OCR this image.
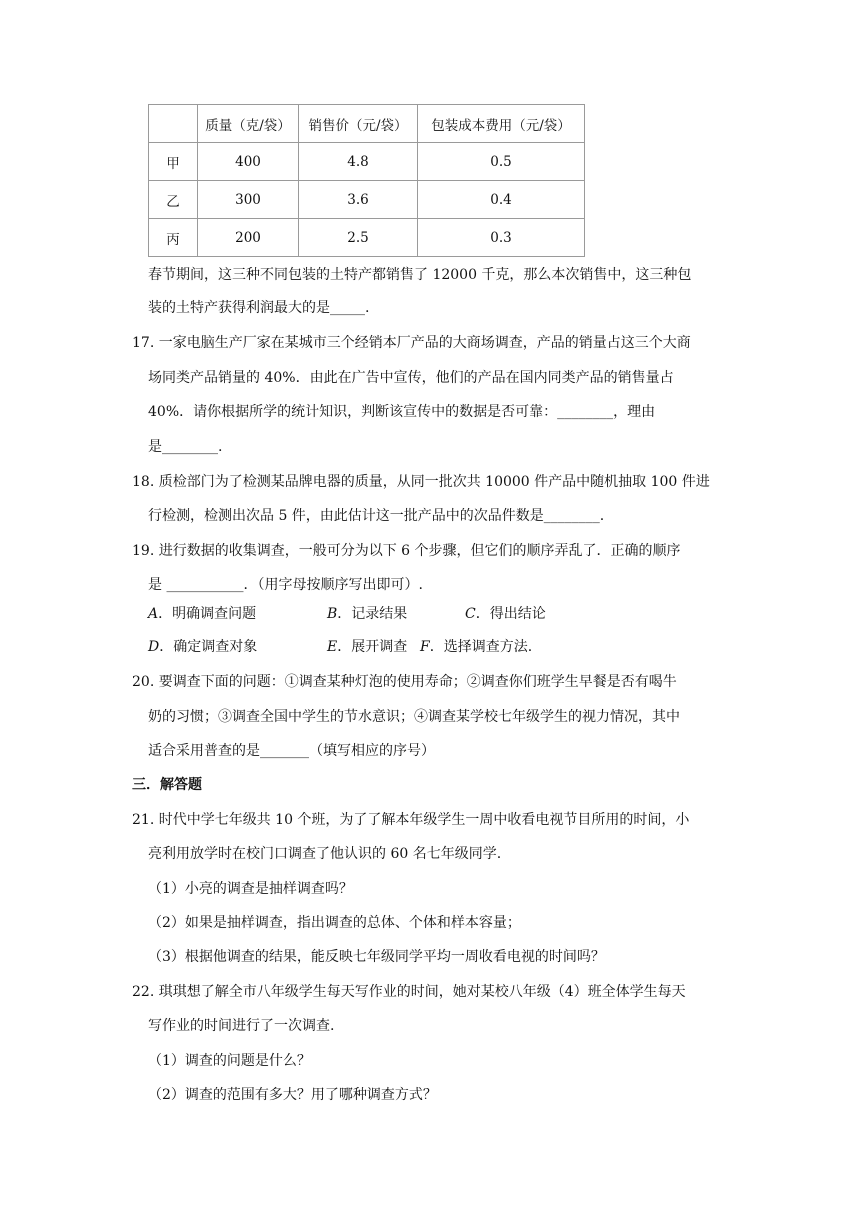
	质量（克/袋）	销售价（元/袋）	包装成本费用（元/袋）
甲	400	4.8	0.5
乙	300	3.6	0.4
丙	200	2.5	0.3
春节期间，这三种不同包装的土特产都销售了 12000 千克，那么本次销售中，这三种包
装的土特产获得利润最大的是_____.
17. 一家电脑生产厂家在某城市三个经销本厂产品的大商场调查，产品的销量占这三个大商
场同类产品销量的 40%．由此在广告中宣传，他们的产品在国内同类产品的销售量占
40%．请你根据所学的统计知识，判断该宣传中的数据是否可靠：________，理由
是________.
18. 质检部门为了检测某品牌电器的质量，从同一批次共 10000 件产品中随机抽取 100 件进
行检测，检测出次品 5 件，由此估计这一批产品中的次品件数是________.
19. 进行数据的收集调查，一般可分为以下 6 个步骤，但它们的顺序弄乱了．正确的顺序
是 ___________．（用字母按顺序写出即可）.
A．明确调查问题	B．记录结果	C．得出结论
D．确定调查对象	E．展开调查 F．选择调查方法.
20. 要调查下面的问题：①调查某种灯泡的使用寿命；②调查你们班学生早餐是否有喝牛
奶的习惯；③调查全国中学生的节水意识；④调查某学校七年级学生的视力情况，其中
适合采用普查的是_______（填写相应的序号）
三．解答题
21. 时代中学七年级共 10 个班，为了了解本年级学生一周中收看电视节目所用的时间，小
亮利用放学时在校门口调查了他认识的 60 名七年级同学.
（1）小亮的调查是抽样调查吗？
（2）如果是抽样调查，指出调查的总体、个体和样本容量；
（3）根据他调查的结果，能反映七年级同学平均一周收看电视的时间吗？
22. 琪琪想了解全市八年级学生每天写作业的时间，她对某校八年级（4）班全体学生每天
写作业的时间进行了一次调查.
（1）调查的问题是什么？
（2）调查的范围有多大？用了哪种调查方式？
